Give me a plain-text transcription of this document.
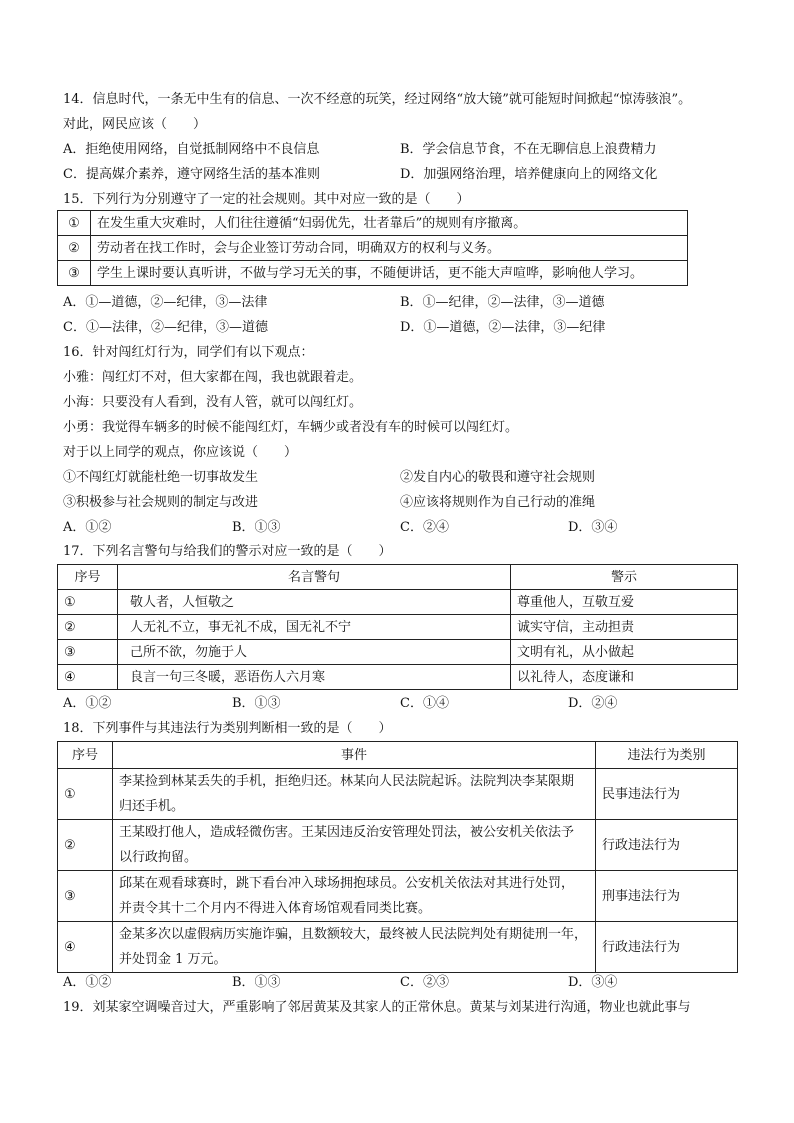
14．信息时代，一条无中生有的信息、一次不经意的玩笑，经过网络“放大镜”就可能短时间掀起“惊涛骇浪”。
对此，网民应该（　　）
A．拒绝使用网络，自觉抵制网络中不良信息	B．学会信息节食，不在无聊信息上浪费精力
C．提高媒介素养，遵守网络生活的基本准则	D．加强网络治理，培养健康向上的网络文化
15．下列行为分别遵守了一定的社会规则。其中对应一致的是（　　）
①	在发生重大灾难时，人们往往遵循“妇弱优先，壮者靠后”的规则有序撤离。
②	劳动者在找工作时，会与企业签订劳动合同，明确双方的权利与义务。
③	学生上课时要认真听讲，不做与学习无关的事，不随便讲话，更不能大声喧哗，影响他人学习。
A．①—道德，②—纪律，③—法律	B．①—纪律，②—法律，③—道德
C．①—法律，②—纪律，③—道德	D．①—道德，②—法律，③—纪律
16．针对闯红灯行为，同学们有以下观点：
小雅：闯红灯不对，但大家都在闯，我也就跟着走。
小海：只要没有人看到，没有人管，就可以闯红灯。
小勇：我觉得车辆多的时候不能闯红灯，车辆少或者没有车的时候可以闯红灯。
对于以上同学的观点，你应该说（　　）
①不闯红灯就能杜绝一切事故发生	②发自内心的敬畏和遵守社会规则
③积极参与社会规则的制定与改进	④应该将规则作为自己行动的准绳
A．①②	B．①③	C．②④	D．③④
17．下列名言警句与给我们的警示对应一致的是（　　）
序号	名言警句	警示
①	敬人者，人恒敬之	尊重他人，互敬互爱
②	人无礼不立，事无礼不成，国无礼不宁	诚实守信，主动担责
③	己所不欲，勿施于人	文明有礼，从小做起
④	良言一句三冬暖，恶语伤人六月寒	以礼待人，态度谦和
A．①②	B．①③	C．①④	D．②④
18．下列事件与其违法行为类别判断相一致的是（　　）
序号	事件	违法行为类别
①	李某捡到林某丢失的手机，拒绝归还。林某向人民法院起诉。法院判决李某限期
归还手机。	民事违法行为
②	王某殴打他人，造成轻微伤害。王某因违反治安管理处罚法，被公安机关依法予
以行政拘留。	行政违法行为
③	邱某在观看球赛时，跳下看台冲入球场拥抱球员。公安机关依法对其进行处罚，
并责令其十二个月内不得进入体育场馆观看同类比赛。	刑事违法行为
④	金某多次以虚假病历实施诈骗，且数额较大，最终被人民法院判处有期徒刑一年，
并处罚金 1 万元。	行政违法行为
A．①②	B．①③	C．②③	D．③④
19．刘某家空调噪音过大，严重影响了邻居黄某及其家人的正常休息。黄某与刘某进行沟通，物业也就此事与
